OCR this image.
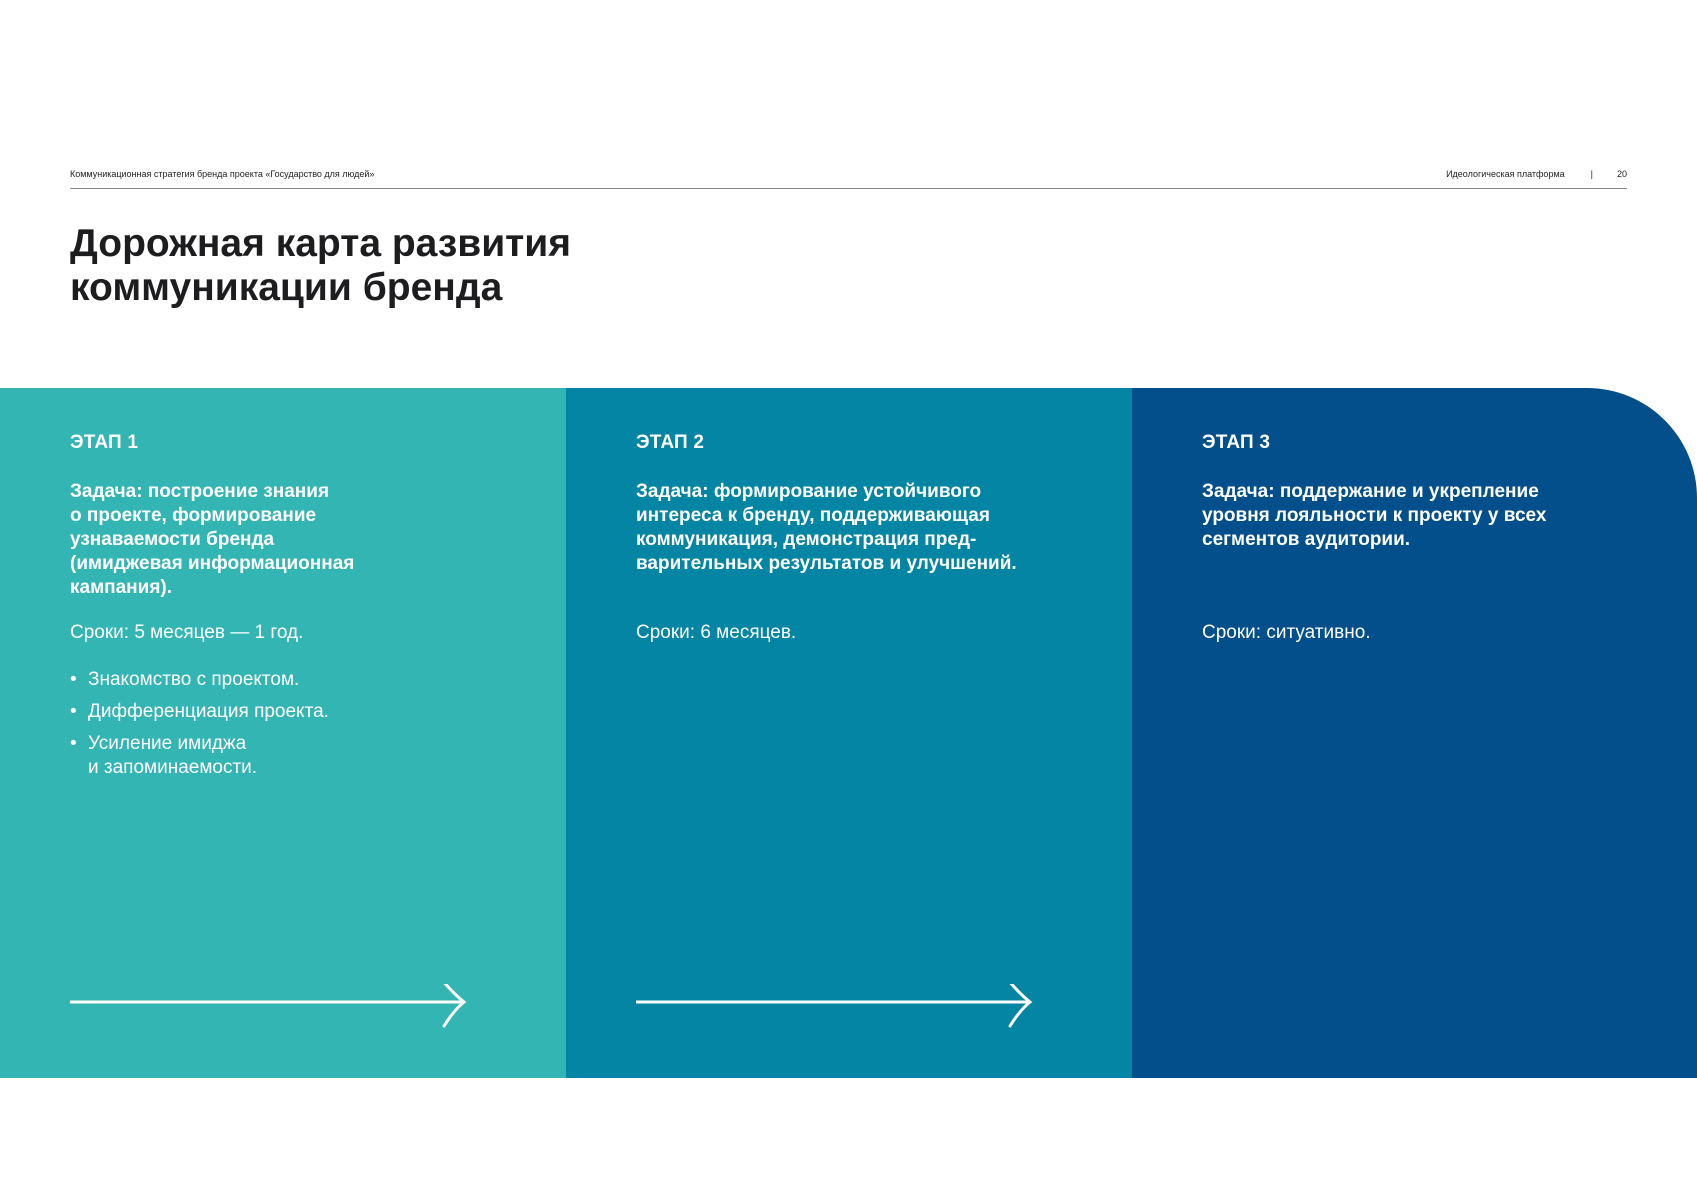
Коммуникационная стратегия бренда проекта «Государство для людей»	Идеологическая платформа	|	20
Дорожная карта развития
коммуникации бренда
ЭТАП 1
Задача: построение знания
о проекте, формирование
узнаваемости бренда
(имиджевая информационная
кампания).
Сроки: 5 месяцев — 1 год.
• Знакомство с проектом.
• Дифференциация проекта.
• Усиление имиджа
и запоминаемости.
ЭТАП 2
Задача: формирование устойчивого
интереса к бренду, поддерживающая
коммуникация, демонстрация пред-
варительных результатов и улучшений.
Сроки: 6 месяцев.
ЭТАП 3
Задача: поддержание и укрепление
уровня лояльности к проекту у всех
сегментов аудитории.
Сроки: ситуативно.
